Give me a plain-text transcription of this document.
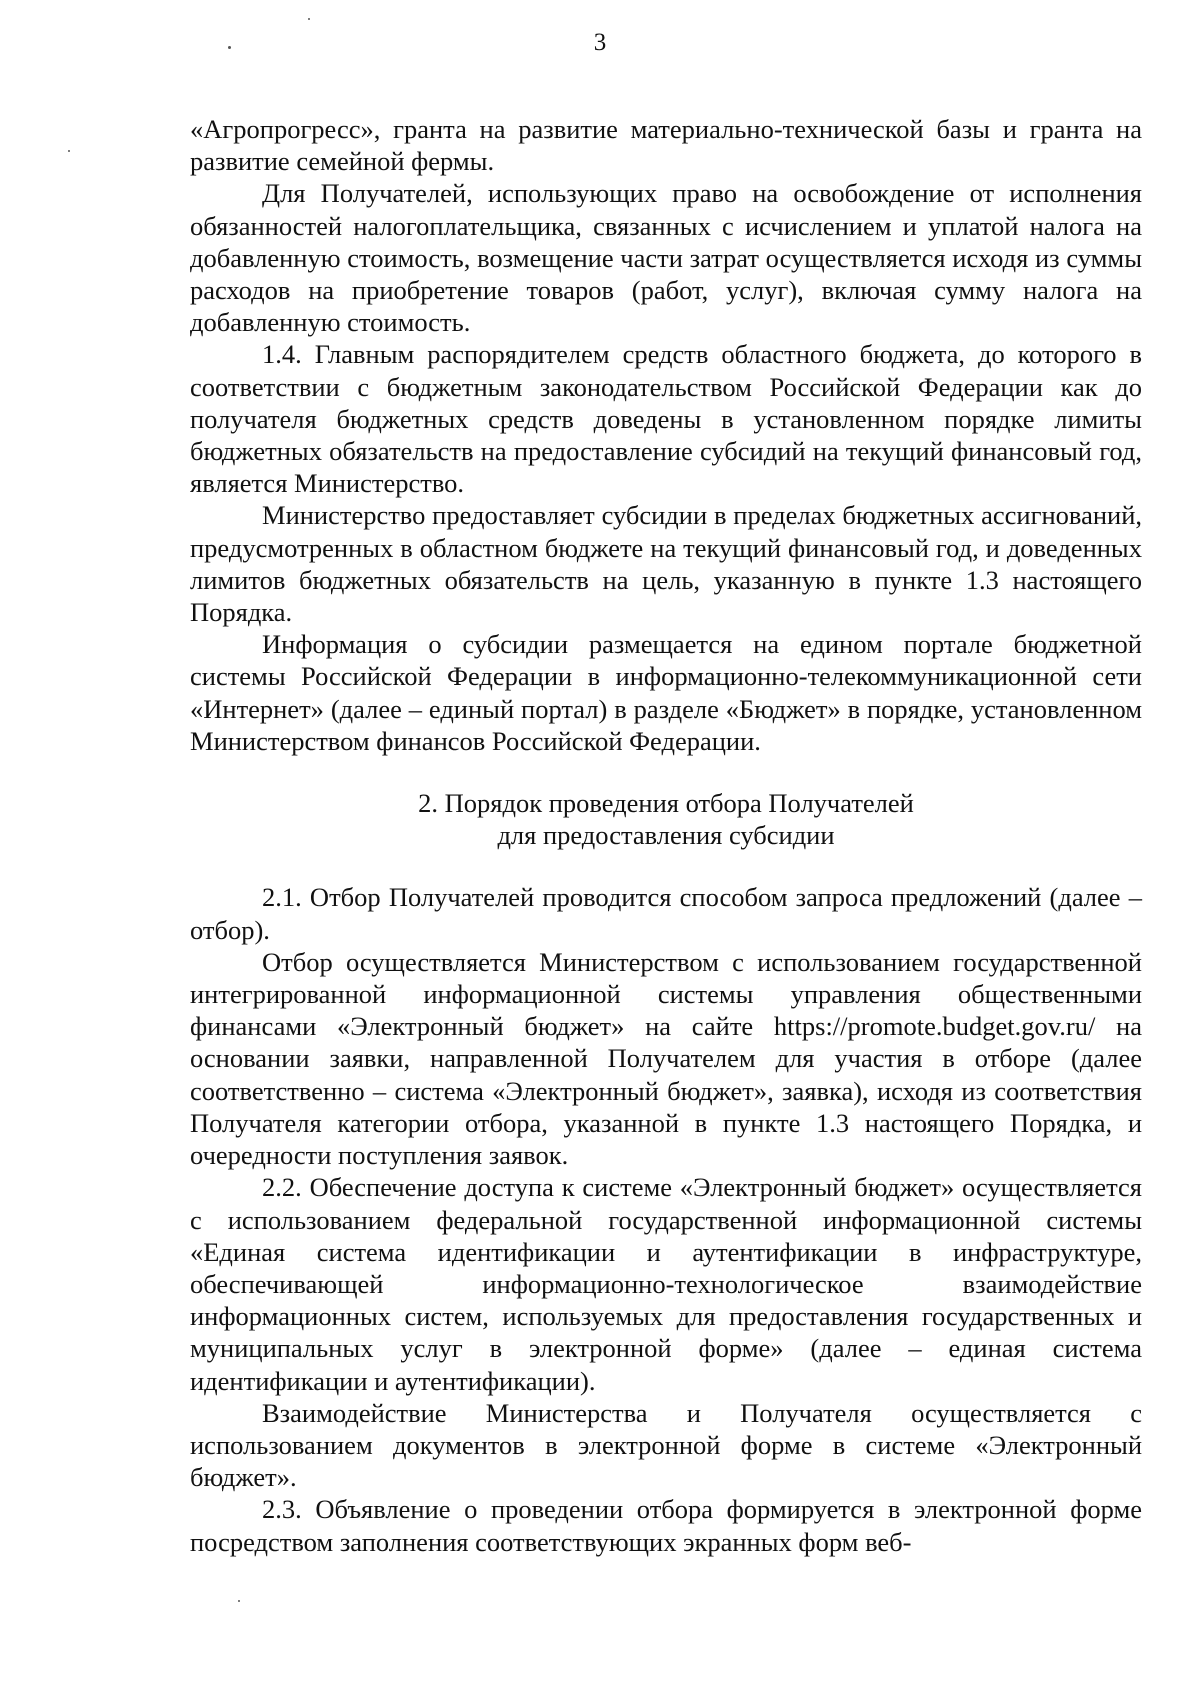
3

«Агропрогресс», гранта на развитие материально-технической базы и гранта на развитие семейной фермы.

Для Получателей, использующих право на освобождение от исполнения обязанностей налогоплательщика, связанных с исчислением и уплатой налога на добавленную стоимость, возмещение части затрат осуществляется исходя из суммы расходов на приобретение товаров (работ, услуг), включая сумму налога на добавленную стоимость.

1.4. Главным распорядителем средств областного бюджета, до которого в соответствии с бюджетным законодательством Российской Федерации как до получателя бюджетных средств доведены в установленном порядке лимиты бюджетных обязательств на предоставление субсидий на текущий финансовый год, является Министерство.

Министерство предоставляет субсидии в пределах бюджетных ассигнований, предусмотренных в областном бюджете на текущий финансовый год, и доведенных лимитов бюджетных обязательств на цель, указанную в пункте 1.3 настоящего Порядка.

Информация о субсидии размещается на едином портале бюджетной системы Российской Федерации в информационно-телекоммуникационной сети «Интернет» (далее – единый портал) в разделе «Бюджет» в порядке, установленном Министерством финансов Российской Федерации.

2. Порядок проведения отбора Получателей
для предоставления субсидии

2.1. Отбор Получателей проводится способом запроса предложений (далее – отбор).

Отбор осуществляется Министерством с использованием государственной интегрированной информационной системы управления общественными финансами «Электронный бюджет» на сайте https://promote.budget.gov.ru/ на основании заявки, направленной Получателем для участия в отборе (далее соответственно – система «Электронный бюджет», заявка), исходя из соответствия Получателя категории отбора, указанной в пункте 1.3 настоящего Порядка, и очередности поступления заявок.

2.2. Обеспечение доступа к системе «Электронный бюджет» осуществляется с использованием федеральной государственной информационной системы «Единая система идентификации и аутентификации в инфраструктуре, обеспечивающей информационно-технологическое взаимодействие информационных систем, используемых для предоставления государственных и муниципальных услуг в электронной форме» (далее – единая система идентификации и аутентификации).

Взаимодействие Министерства и Получателя осуществляется с использованием документов в электронной форме в системе «Электронный бюджет».

2.3. Объявление о проведении отбора формируется в электронной форме посредством заполнения соответствующих экранных форм веб-
